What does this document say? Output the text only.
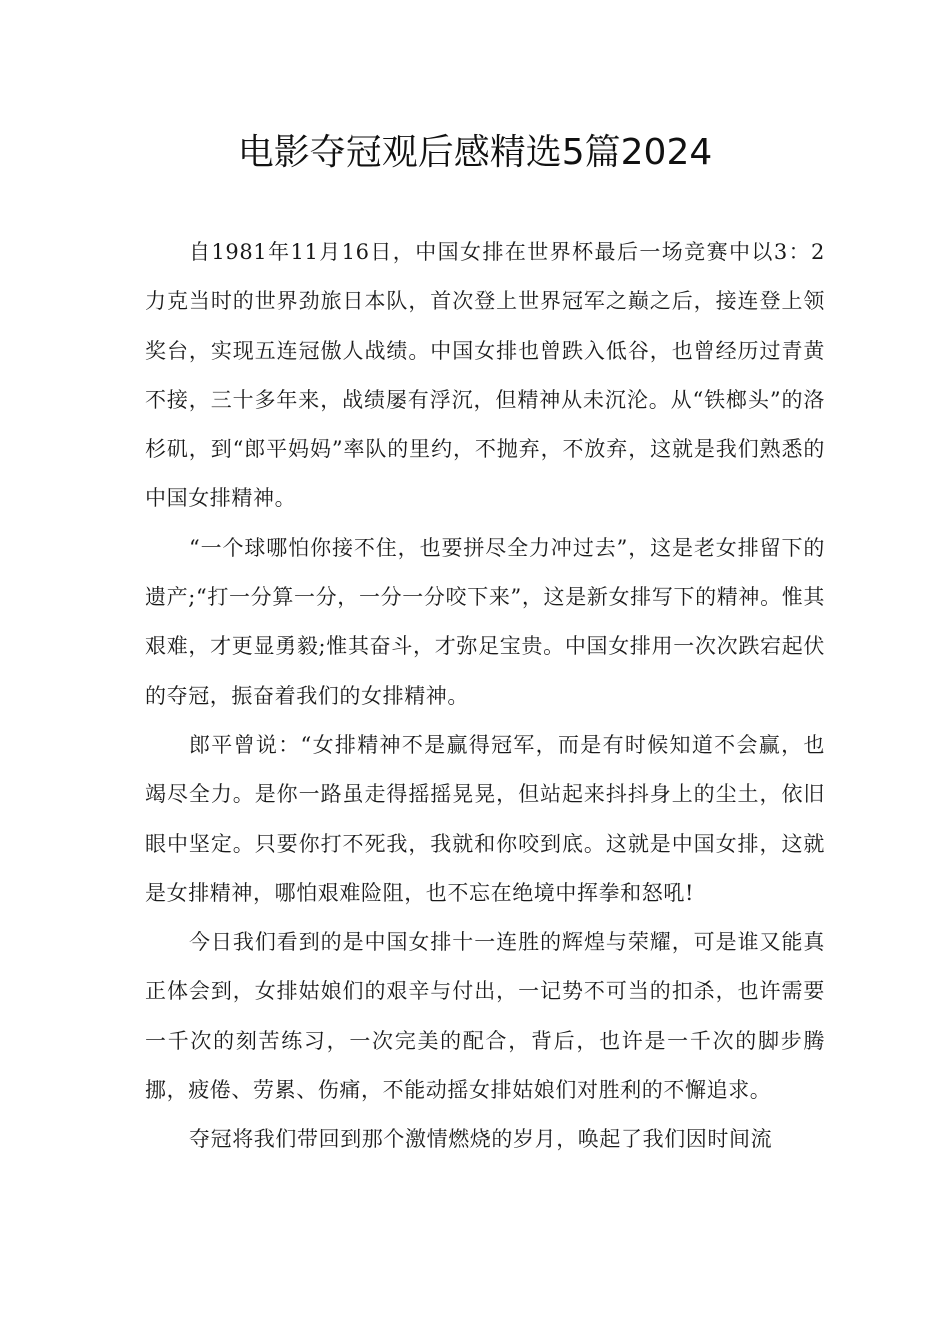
电影夺冠观后感精选5篇2024

自1981年11月16日，中国女排在世界杯最后一场竞赛中以3：2力克当时的世界劲旅日本队，首次登上世界冠军之巅之后，接连登上领奖台，实现五连冠傲人战绩。中国女排也曾跌入低谷，也曾经历过青黄不接，三十多年来，战绩屡有浮沉，但精神从未沉沦。从“铁榔头”的洛杉矶，到“郎平妈妈”率队的里约，不抛弃，不放弃，这就是我们熟悉的中国女排精神。

“一个球哪怕你接不住，也要拼尽全力冲过去”，这是老女排留下的遗产;“打一分算一分，一分一分咬下来”，这是新女排写下的精神。惟其艰难，才更显勇毅;惟其奋斗，才弥足宝贵。中国女排用一次次跌宕起伏的夺冠，振奋着我们的女排精神。

郎平曾说：“女排精神不是赢得冠军，而是有时候知道不会赢，也竭尽全力。是你一路虽走得摇摇晃晃，但站起来抖抖身上的尘土，依旧眼中坚定。只要你打不死我，我就和你咬到底。这就是中国女排，这就是女排精神，哪怕艰难险阻，也不忘在绝境中挥拳和怒吼!

今日我们看到的是中国女排十一连胜的辉煌与荣耀，可是谁又能真正体会到，女排姑娘们的艰辛与付出，一记势不可当的扣杀，也许需要一千次的刻苦练习，一次完美的配合，背后，也许是一千次的脚步腾挪，疲倦、劳累、伤痛，不能动摇女排姑娘们对胜利的不懈追求。

夺冠将我们带回到那个激情燃烧的岁月，唤起了我们因时间流
